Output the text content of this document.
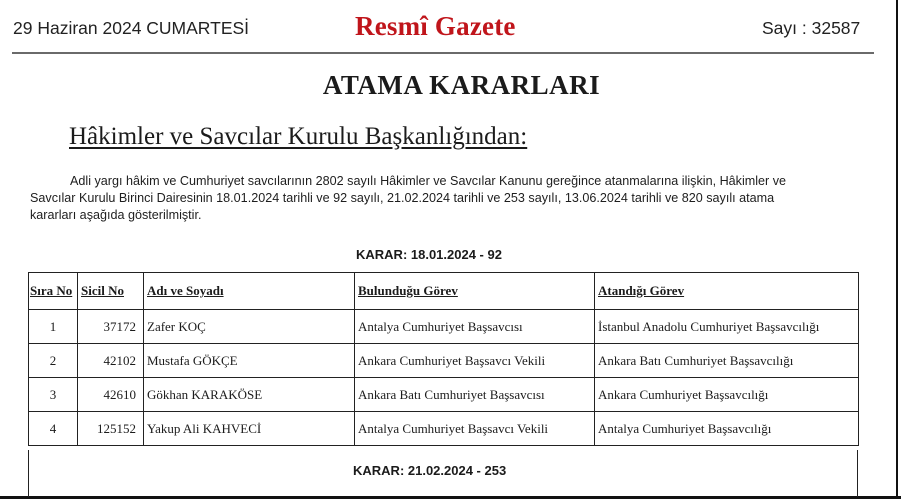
29 Haziran 2024 CUMARTESİ	Resmî Gazete	Sayı : 32587
ATAMA KARARLARI
Hâkimler ve Savcılar Kurulu Başkanlığından:
Adli yargı hâkim ve Cumhuriyet savcılarının 2802 sayılı Hâkimler ve Savcılar Kanunu gereğince atanmalarına ilişkin, Hâkimler ve
Savcılar Kurulu Birinci Dairesinin 18.01.2024 tarihli ve 92 sayılı, 21.02.2024 tarihli ve 253 sayılı, 13.06.2024 tarihli ve 820 sayılı atama
kararları aşağıda gösterilmiştir.
KARAR: 18.01.2024 - 92
Sıra No	Sicil No	Adı ve Soyadı	Bulunduğu Görev	Atandığı Görev
1	37172	Zafer KOÇ	Antalya Cumhuriyet Başsavcısı	İstanbul Anadolu Cumhuriyet Başsavcılığı
2	42102	Mustafa GÖKÇE	Ankara Cumhuriyet Başsavcı Vekili	Ankara Batı Cumhuriyet Başsavcılığı
3	42610	Gökhan KARAKÖSE	Ankara Batı Cumhuriyet Başsavcısı	Ankara Cumhuriyet Başsavcılığı
4	125152	Yakup Ali KAHVECİ	Antalya Cumhuriyet Başsavcı Vekili	Antalya Cumhuriyet Başsavcılığı
KARAR: 21.02.2024 - 253
